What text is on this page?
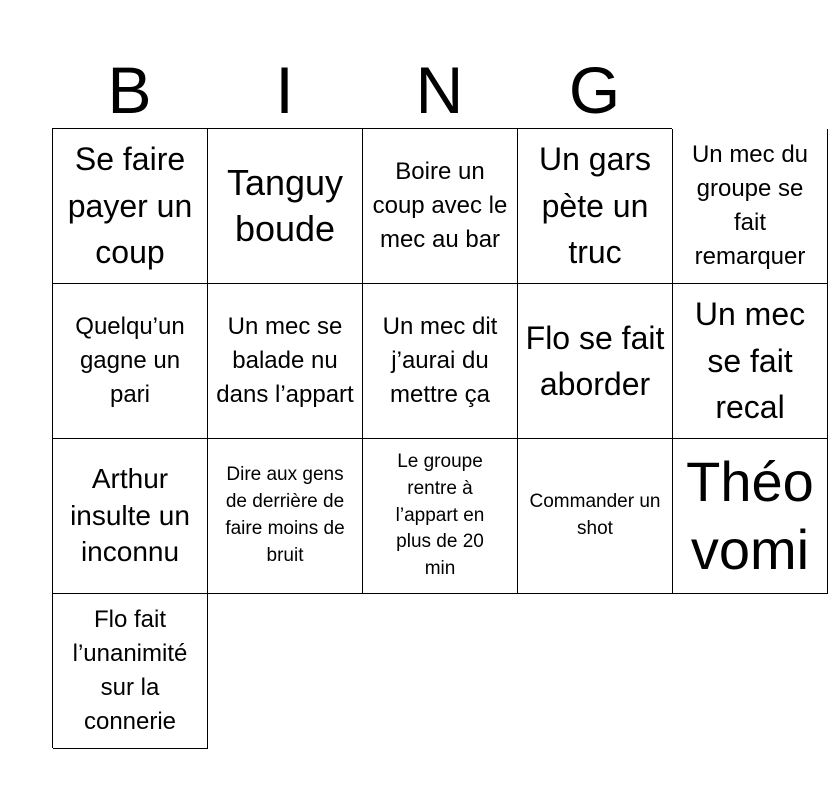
B	I	N	G
Se faire payer un coup
Tanguy boude
Boire un coup avec le mec au bar
Un gars pète un truc
Un mec du groupe se fait remarquer
Quelqu’un gagne un pari
Un mec se balade nu dans l’appart
Un mec dit j’aurai du mettre ça
Flo se fait aborder
Un mec se fait recal
Arthur insulte un inconnu
Dire aux gens de derrière de faire moins de bruit
Le groupe rentre à l’appart en plus de 20 min
Commander un shot
Théo vomi
Flo fait l’unanimité sur la connerie
